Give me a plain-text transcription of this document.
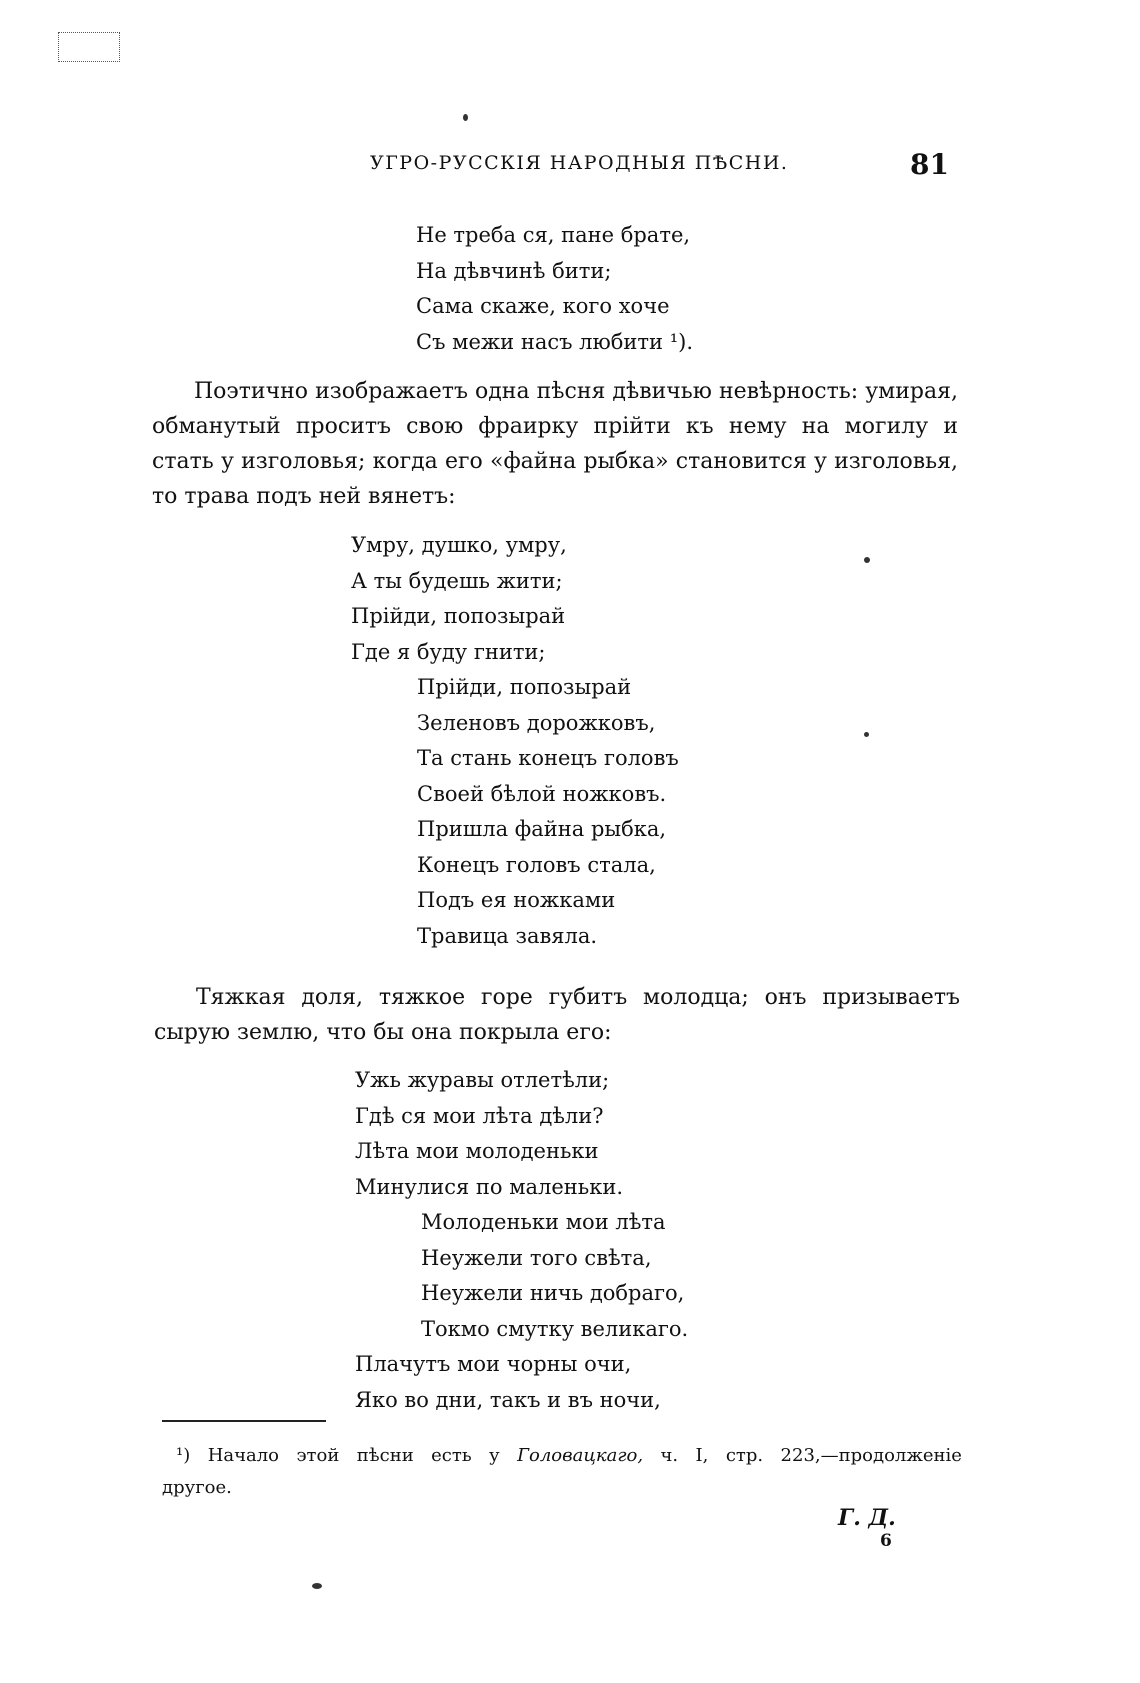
УГРО-РУССКІЯ НАРОДНЫЯ ПѢСНИ.	81
Не треба ся, пане брате,
На дѣвчинѣ бити;
Сама скаже, кого хоче
Съ межи насъ любити ¹).
Поэтично изображаетъ одна пѣсня дѣвичью невѣрность: умирая,
обманутый проситъ свою фраирку прійти къ нему на могилу и
стать у изголовья; когда его «файна рыбка» становится у изголовья,
то трава подъ ней вянетъ:
Умру, душко, умру,
А ты будешь жити;
Прійди, попозырай
Где я буду гнити;
Прійди, попозырай
Зеленовъ дорожковъ,
Та стань конецъ головъ
Своей бѣлой ножковъ.
Пришла файна рыбка,
Конецъ головъ стала,
Подъ ея ножками
Травица завяла.
Тяжкая доля, тяжкое горе губитъ молодца; онъ призываетъ
сырую землю, что бы она покрыла его:
Ужь журавы отлетѣли;
Гдѣ ся мои лѣта дѣли?
Лѣта мои молоденьки
Минулися по маленьки.
Молоденьки мои лѣта
Неужели того свѣта,
Неужели ничь добраго,
Токмо смутку великаго.
Плачутъ мои чорны очи,
Яко во дни, такъ и въ ночи,
¹) Начало этой пѣсни есть у Головацкаго, ч. I, стр. 223,—продолженіе
другое.
Г. Д.
6
